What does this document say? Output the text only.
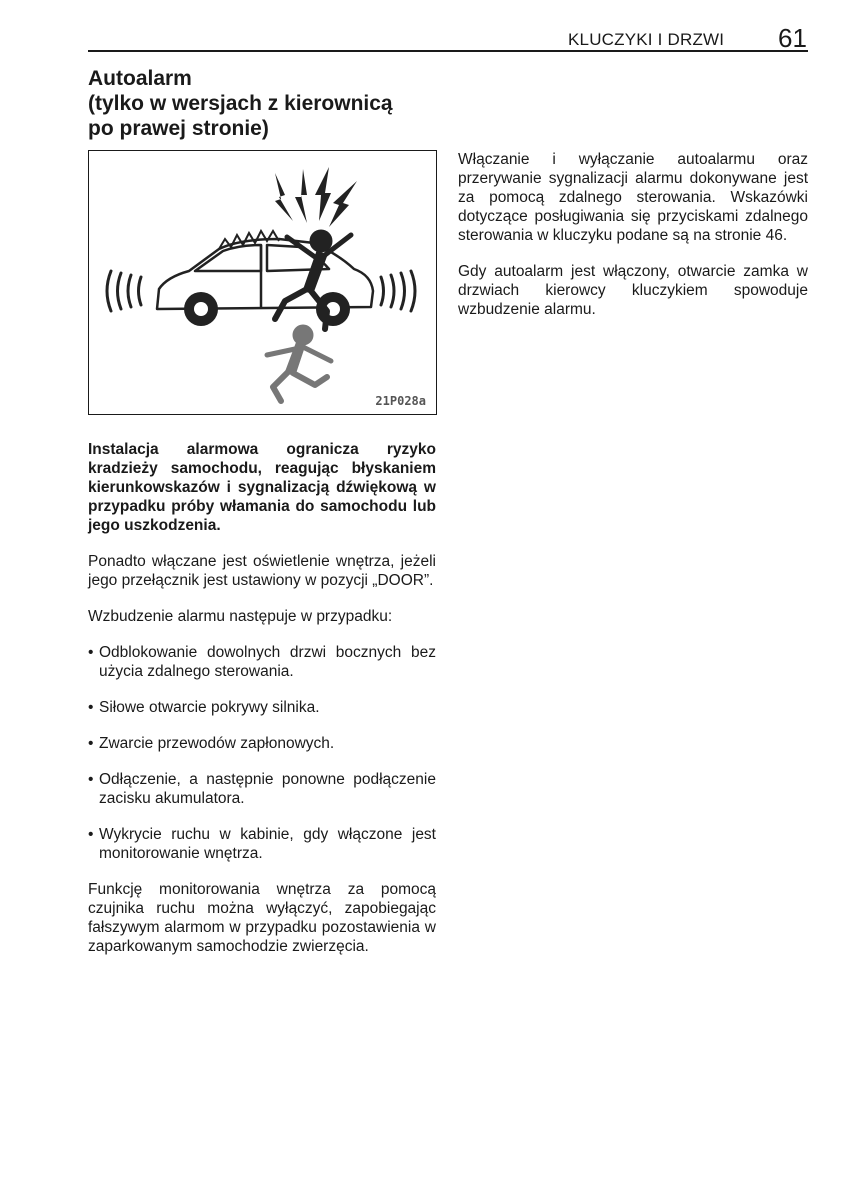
KLUCZYKI I DRZWI 61
Autoalarm
(tylko w wersjach z kierownicą
po prawej stronie)
21P028a

Instalacja alarmowa ogranicza ryzyko kradzieży samochodu, reagując błyskaniem kierunkowskazów i sygnalizacją dźwiękową w przypadku próby włamania do samochodu lub jego uszkodzenia.

Ponadto włączane jest oświetlenie wnętrza, jeżeli jego przełącznik jest ustawiony w pozycji „DOOR”.

Wzbudzenie alarmu następuje w przypadku:

• Odblokowanie dowolnych drzwi bocznych bez użycia zdalnego sterowania.
• Siłowe otwarcie pokrywy silnika.
• Zwarcie przewodów zapłonowych.
• Odłączenie, a następnie ponowne podłączenie zacisku akumulatora.
• Wykrycie ruchu w kabinie, gdy włączone jest monitorowanie wnętrza.

Funkcję monitorowania wnętrza za pomocą czujnika ruchu można wyłączyć, zapobiegając fałszywym alarmom w przypadku pozostawienia w zaparkowanym samochodzie zwierzęcia.

Włączanie i wyłączanie autoalarmu oraz przerywanie sygnalizacji alarmu dokonywane jest za pomocą zdalnego sterowania. Wskazówki dotyczące posługiwania się przyciskami zdalnego sterowania w kluczyku podane są na stronie 46.

Gdy autoalarm jest włączony, otwarcie zamka w drzwiach kierowcy kluczykiem spowoduje wzbudzenie alarmu.
